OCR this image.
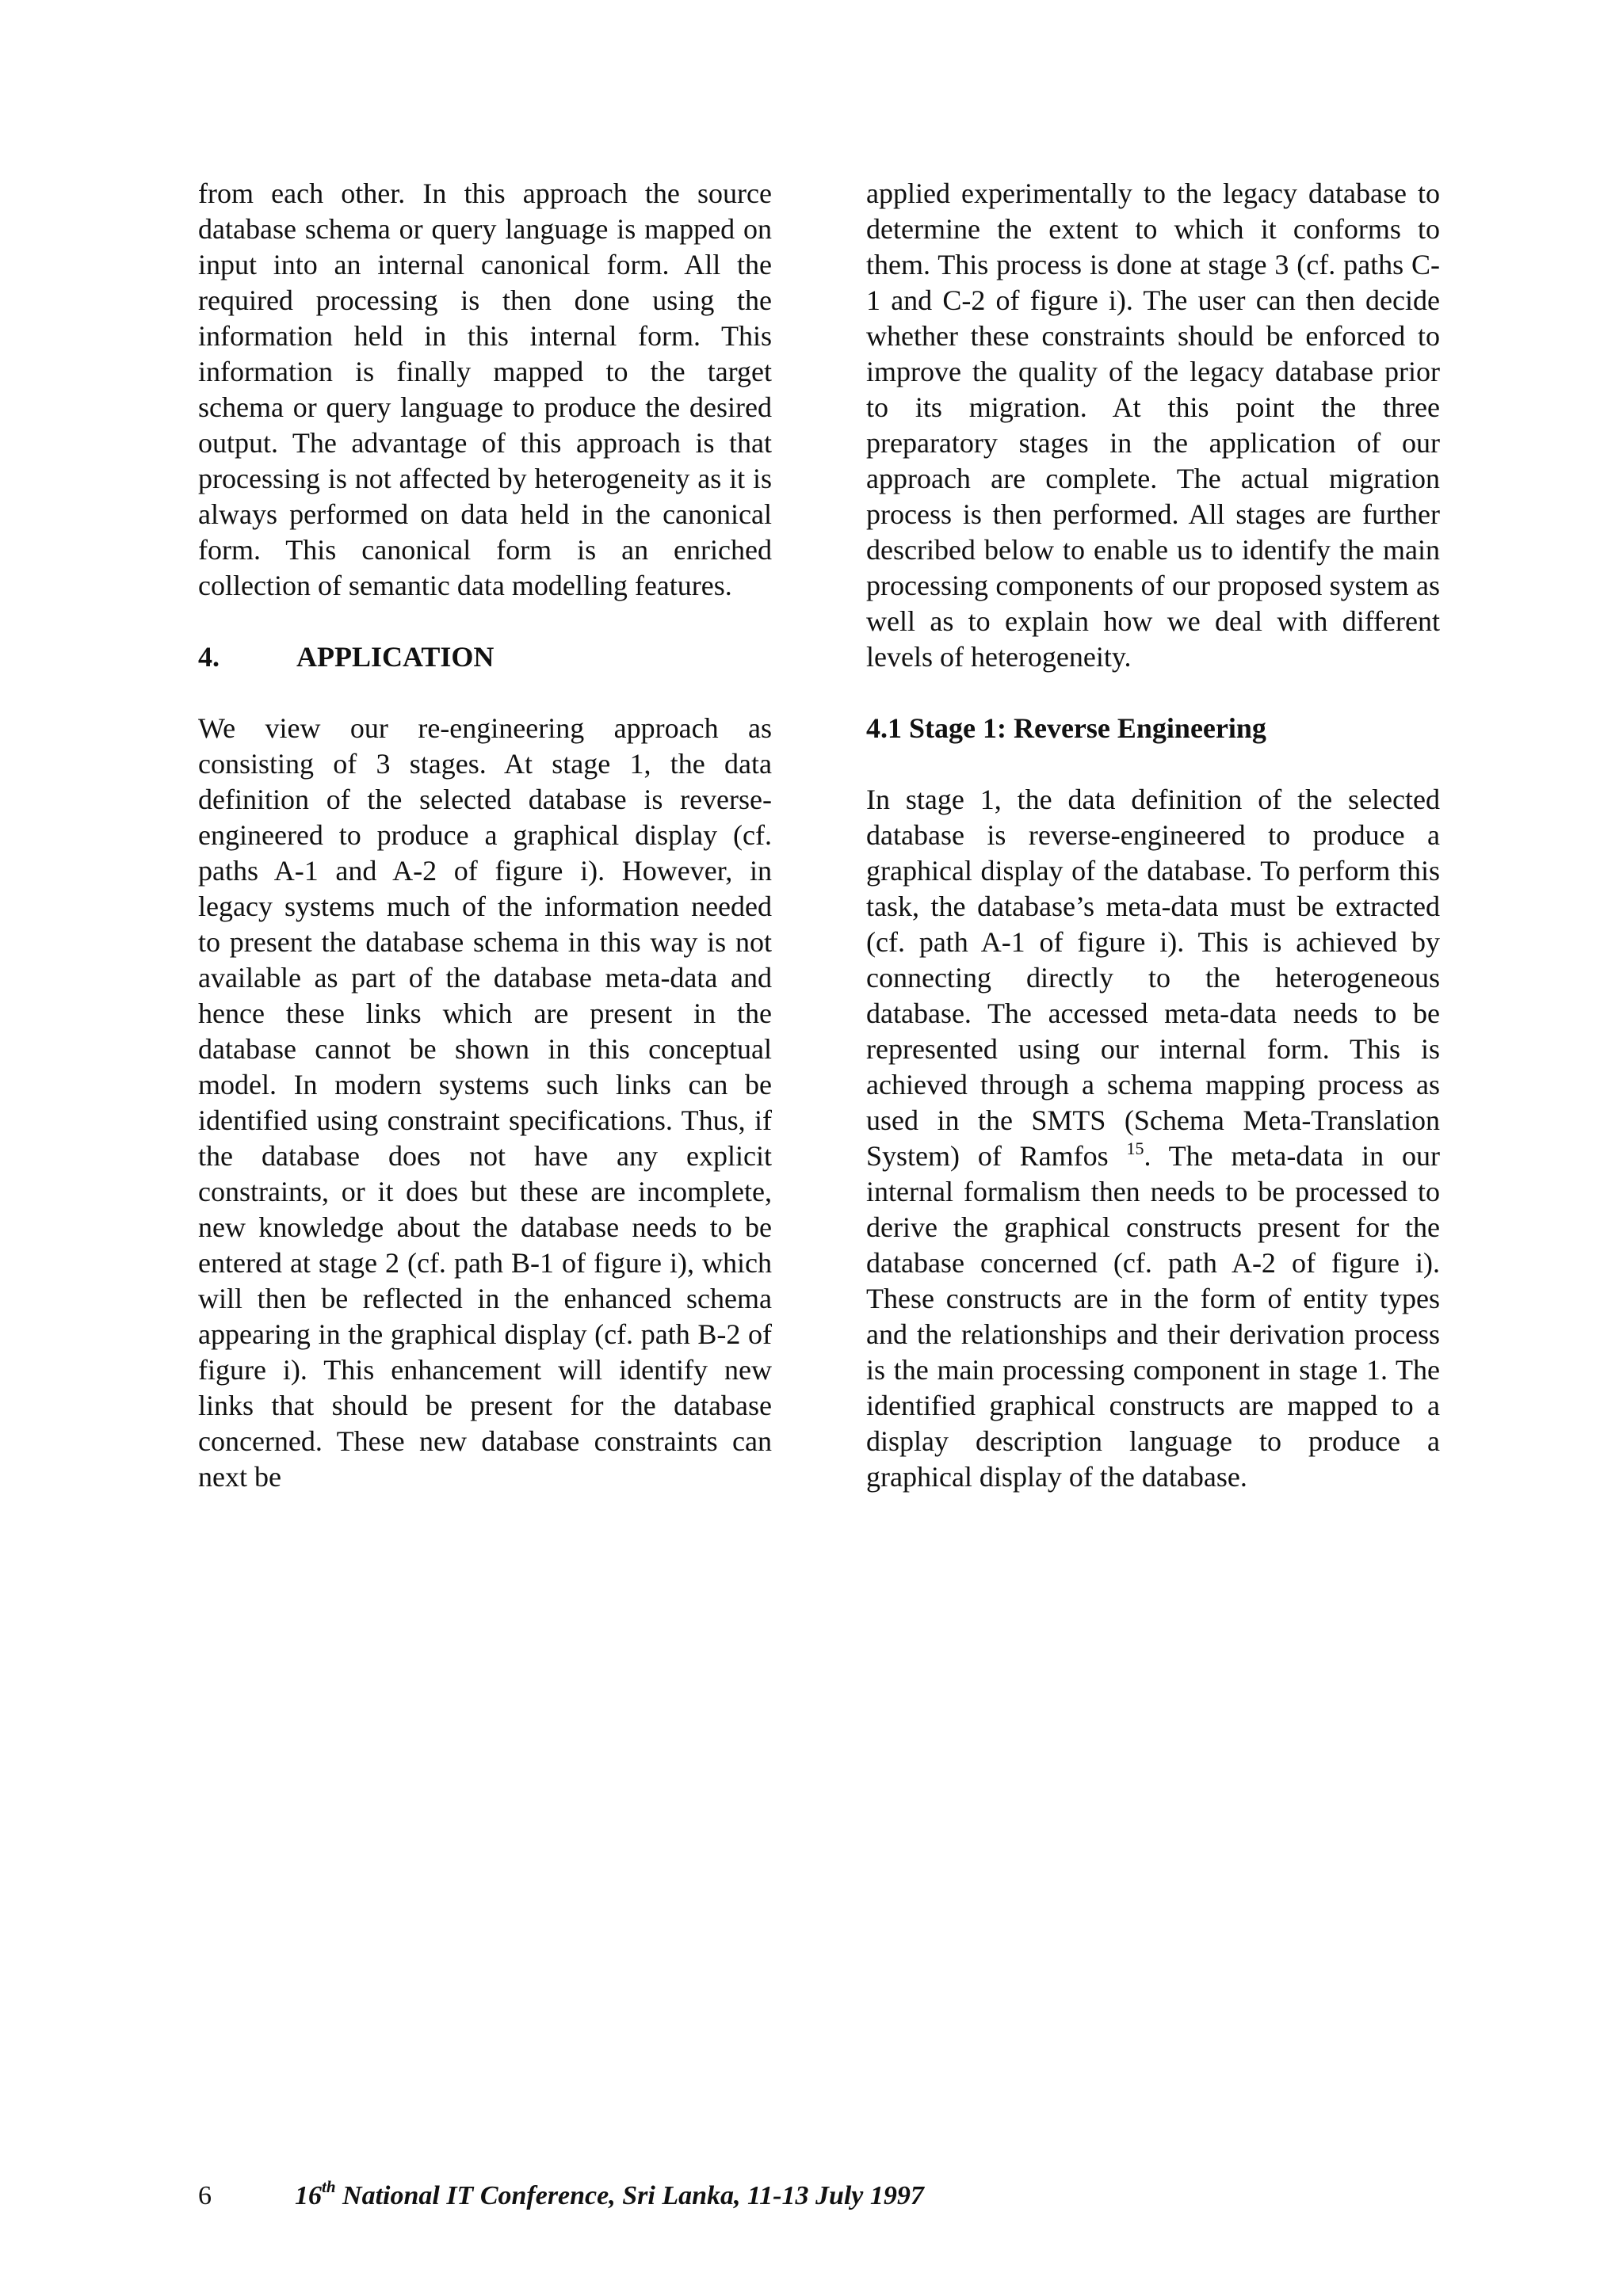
from each other. In this approach the source database schema or query language is mapped on input into an internal canonical form. All the required processing is then done using the information held in this internal form. This information is finally mapped to the target schema or query language to produce the desired output. The advantage of this approach is that processing is not affected by heterogeneity as it is always performed on data held in the canonical form. This canonical form is an enriched collection of semantic data modelling features.

4.	APPLICATION

We view our re-engineering approach as consisting of 3 stages. At stage 1, the data definition of the selected database is reverse-engineered to produce a graphical display (cf. paths A-1 and A-2 of figure i). However, in legacy systems much of the information needed to present the database schema in this way is not available as part of the database meta-data and hence these links which are present in the database cannot be shown in this conceptual model. In modern systems such links can be identified using constraint specifications. Thus, if the database does not have any explicit constraints, or it does but these are incomplete, new knowledge about the database needs to be entered at stage 2 (cf. path B-1 of figure i), which will then be reflected in the enhanced schema appearing in the graphical display (cf. path B-2 of figure i). This enhancement will identify new links that should be present for the database concerned. These new database constraints can next be

applied experimentally to the legacy database to determine the extent to which it conforms to them. This process is done at stage 3 (cf. paths C-1 and C-2 of figure i). The user can then decide whether these constraints should be enforced to improve the quality of the legacy database prior to its migration. At this point the three preparatory stages in the application of our approach are complete. The actual migration process is then performed. All stages are further described below to enable us to identify the main processing components of our proposed system as well as to explain how we deal with different levels of heterogeneity.

4.1 Stage 1: Reverse Engineering

In stage 1, the data definition of the selected database is reverse-engineered to produce a graphical display of the database. To perform this task, the database’s meta-data must be extracted (cf. path A-1 of figure i). This is achieved by connecting directly to the heterogeneous database. The accessed meta-data needs to be represented using our internal form. This is achieved through a schema mapping process as used in the SMTS (Schema Meta-Translation System) of Ramfos $^{15}$. The meta-data in our internal formalism then needs to be processed to derive the graphical constructs present for the database concerned (cf. path A-2 of figure i). These constructs are in the form of entity types and the relationships and their derivation process is the main processing component in stage 1. The identified graphical constructs are mapped to a display description language to produce a graphical display of the database.

6	16th National IT Conference, Sri Lanka, 11-13 July 1997
